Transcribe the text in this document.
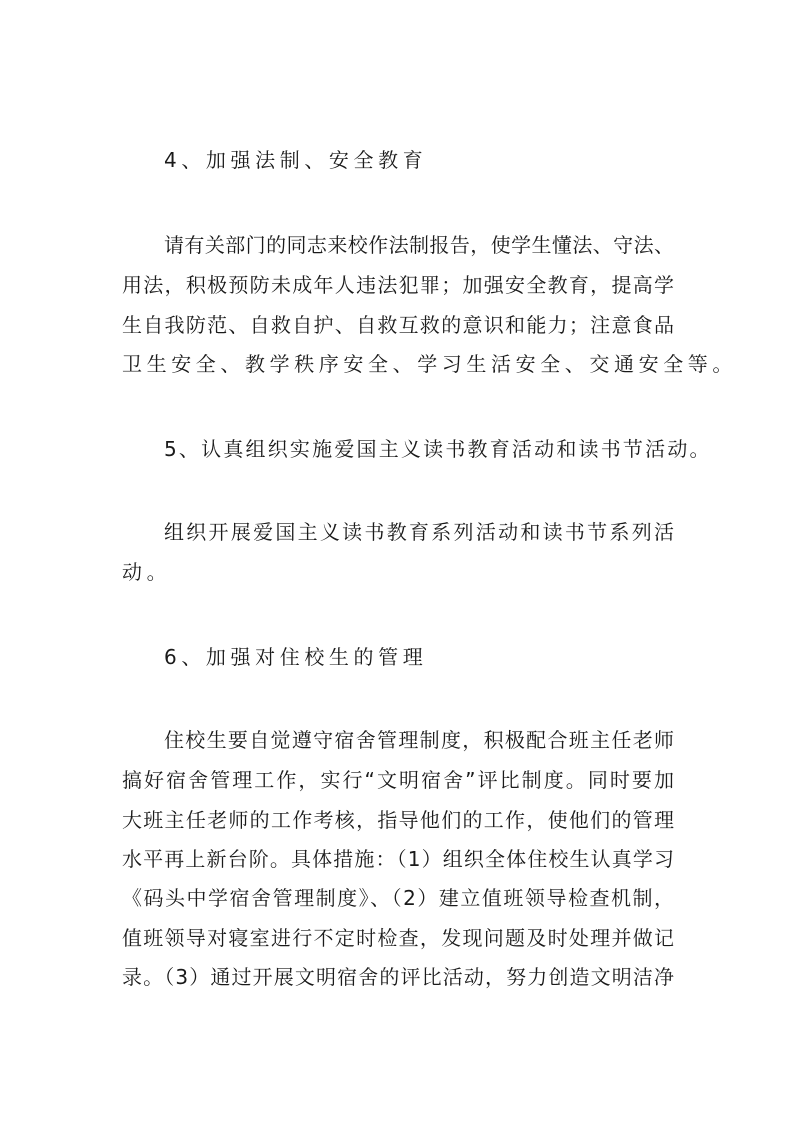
4、加强法制、安全教育
请有关部门的同志来校作法制报告，使学生懂法、守法、
用法，积极预防未成年人违法犯罪；加强安全教育，提高学
生自我防范、自救自护、自救互救的意识和能力；注意食品
卫生安全、教学秩序安全、学习生活安全、交通安全等。
5、认真组织实施爱国主义读书教育活动和读书节活动。
组织开展爱国主义读书教育系列活动和读书节系列活
动。
6、加强对住校生的管理
住校生要自觉遵守宿舍管理制度，积极配合班主任老师
搞好宿舍管理工作，实行“文明宿舍”评比制度。同时要加
大班主任老师的工作考核，指导他们的工作，使他们的管理
水平再上新台阶。具体措施：（1）组织全体住校生认真学习
《码头中学宿舍管理制度》、（2）建立值班领导检查机制，
值班领导对寝室进行不定时检查，发现问题及时处理并做记
录。（3）通过开展文明宿舍的评比活动，努力创造文明洁净
